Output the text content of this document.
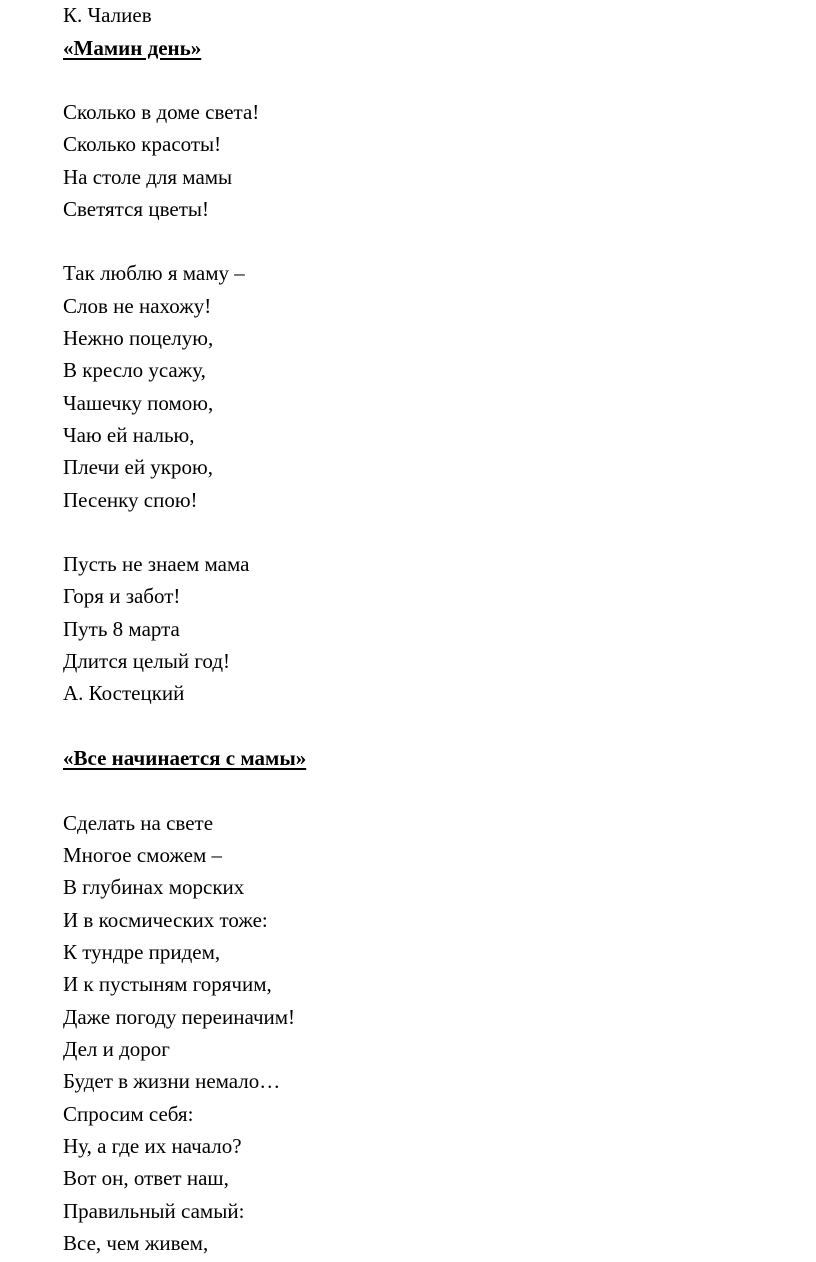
К. Чалиев
«Мамин день»
Сколько в доме света!
Сколько красоты!
На столе для мамы
Светятся цветы!
Так люблю я маму –
Слов не нахожу!
Нежно поцелую,
В кресло усажу,
Чашечку помою,
Чаю ей налью,
Плечи ей укрою,
Песенку спою!
Пусть не знаем мама
Горя и забот!
Путь 8 марта
Длится целый год!
А. Костецкий
«Все начинается с мамы»
Сделать на свете
Многое сможем –
В глубинах морских
И в космических тоже:
К тундре придем,
И к пустыням горячим,
Даже погоду переиначим!
Дел и дорог
Будет в жизни немало…
Спросим себя:
Ну, а где их начало?
Вот он, ответ наш,
Правильный самый:
Все, чем живем,
